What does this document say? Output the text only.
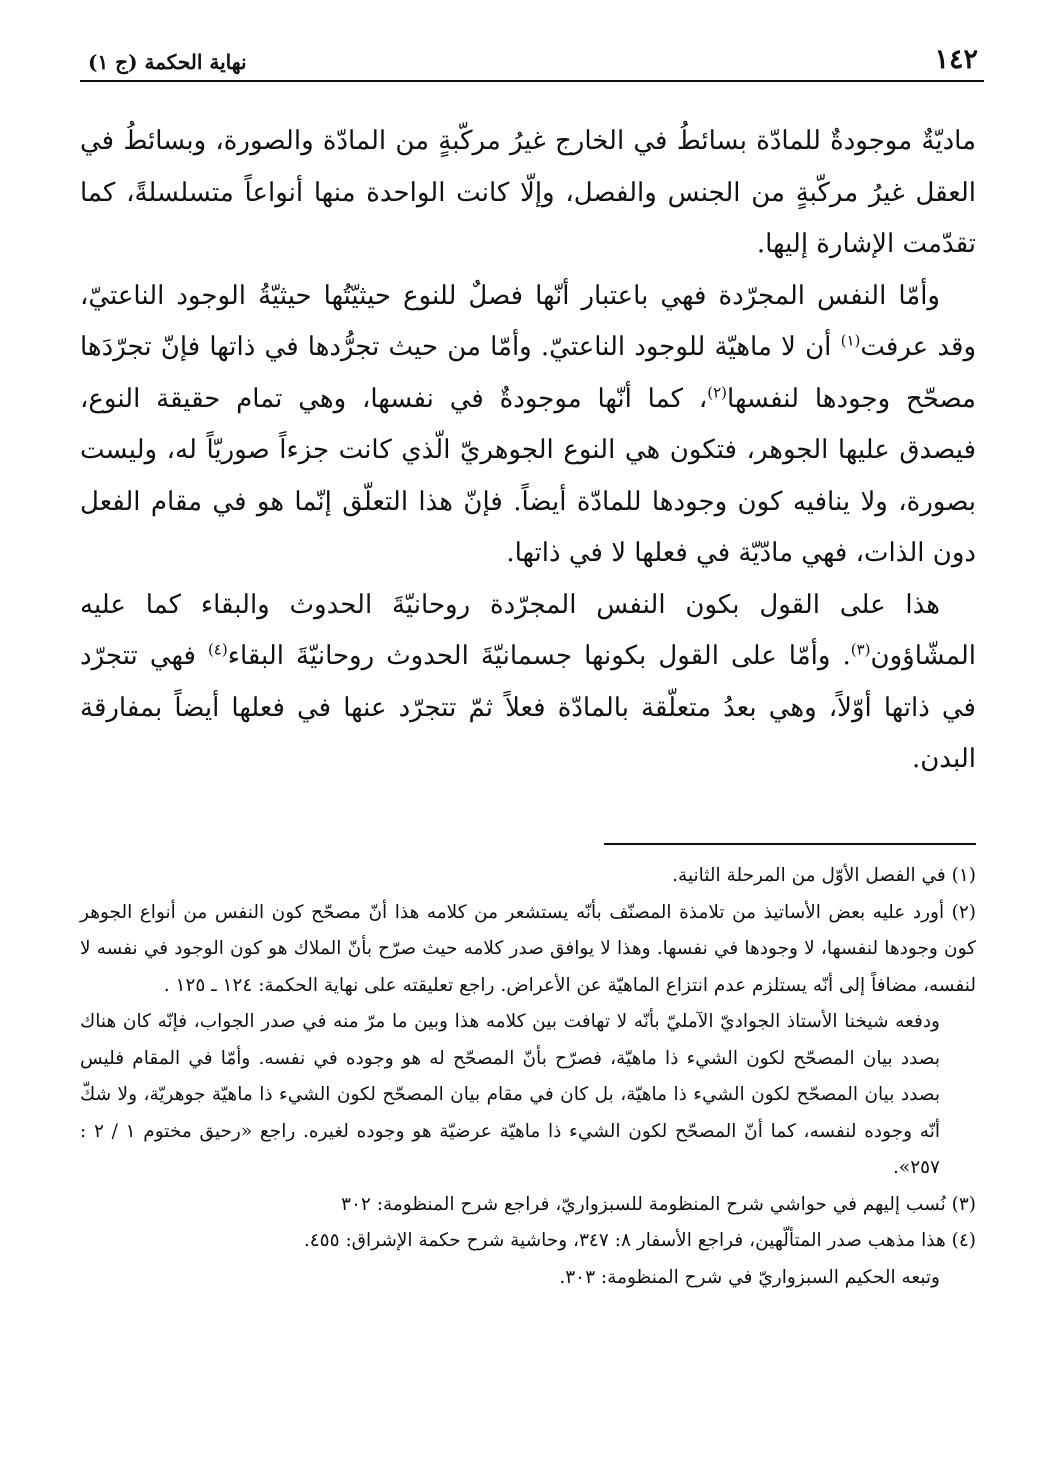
١٤٢
نهاية الحكمة (ج ١)

ماديّةٌ موجودةٌ للمادّة بسائطُ في الخارج غيرُ مركّبةٍ من المادّة والصورة، وبسائطُ في العقل غيرُ مركّبةٍ من الجنس والفصل، وإلّا كانت الواحدة منها أنواعاً متسلسلةً، كما تقدّمت الإشارة إليها.

وأمّا النفس المجرّدة فهي باعتبار أنّها فصلٌ للنوع حيثيّتُها حيثيّةُ الوجود الناعتيّ، وقد عرفت$^{(١)}$ أن لا ماهيّة للوجود الناعتيّ. وأمّا من حيث تجرُّدها في ذاتها فإنّ تجرّدَها مصحّح وجودها لنفسها$^{(٢)}$، كما أنّها موجودةٌ في نفسها، وهي تمام حقيقة النوع، فيصدق عليها الجوهر، فتكون هي النوع الجوهريّ الّذي كانت جزءاً صوريّاً له، وليست بصورة، ولا ينافيه كون وجودها للمادّة أيضاً. فإنّ هذا التعلّق إنّما هو في مقام الفعل دون الذات، فهي مادّيّة في فعلها لا في ذاتها.

هذا على القول بكون النفس المجرّدة روحانيّةَ الحدوث والبقاء كما عليه المشّاؤون$^{(٣)}$. وأمّا على القول بكونها جسمانيّةَ الحدوث روحانيّةَ البقاء$^{(٤)}$ فهي تتجرّد في ذاتها أوّلاً، وهي بعدُ متعلّقة بالمادّة فعلاً ثمّ تتجرّد عنها في فعلها أيضاً بمفارقة البدن.

(١) في الفصل الأوّل من المرحلة الثانية.

(٢) أورد عليه بعض الأساتيذ من تلامذة المصنّف بأنّه يستشعر من كلامه هذا أنّ مصحّح كون النفس من أنواع الجوهر كون وجودها لنفسها، لا وجودها في نفسها. وهذا لا يوافق صدر كلامه حيث صرّح بأنّ الملاك هو كون الوجود في نفسه لا لنفسه، مضافاً إلى أنّه يستلزم عدم انتزاع الماهيّة عن الأعراض. راجع تعليقته على نهاية الحكمة: ١٢٤ ـ ١٢٥ .

ودفعه شيخنا الأستاذ الجواديّ الآمليّ بأنّه لا تهافت بين كلامه هذا وبين ما مرّ منه في صدر الجواب، فإنّه كان هناك بصدد بيان المصحّح لكون الشيء ذا ماهيّة، فصرّح بأنّ المصحّح له هو وجوده في نفسه. وأمّا في المقام فليس بصدد بيان المصحّح لكون الشيء ذا ماهيّة، بل كان في مقام بيان المصحّح لكون الشيء ذا ماهيّة جوهريّة، ولا شكّ أنّه وجوده لنفسه، كما أنّ المصحّح لكون الشيء ذا ماهيّة عرضيّة هو وجوده لغيره. راجع «رحيق مختوم ١ / ٢ : ٢٥٧».

(٣) نُسب إليهم في حواشي شرح المنظومة للسبزواريّ، فراجع شرح المنظومة: ٣٠٢

(٤) هذا مذهب صدر المتألّهين، فراجع الأسفار ٨: ٣٤٧، وحاشية شرح حكمة الإشراق: ٤٥٥.

وتبعه الحكيم السبزواريّ في شرح المنظومة: ٣٠٣.
